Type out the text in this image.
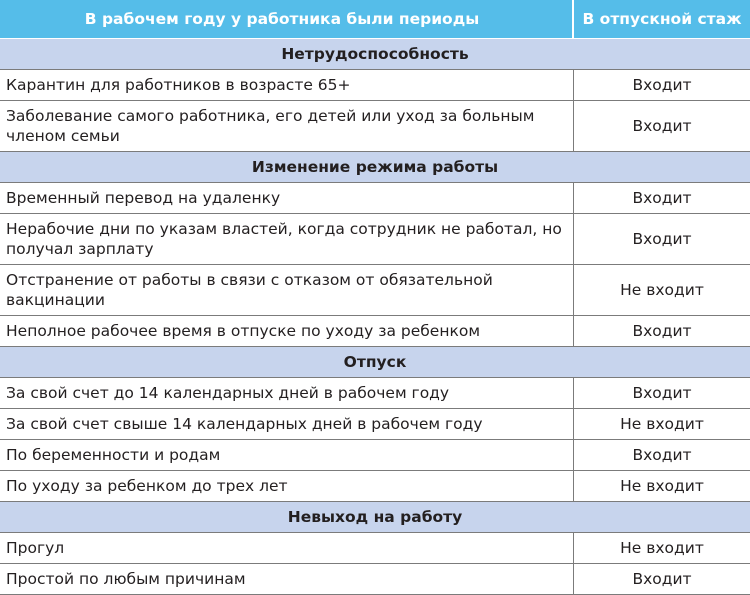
В рабочем году у работника были периоды	В отпускной стаж
Нетрудоспособность	
Карантин для работников в возрасте 65+	Входит
Заболевание самого работника, его детей или уход за больным членом семьи	Входит
Изменение режима работы	
Временный перевод на удаленку	Входит
Нерабочие дни по указам властей, когда сотрудник не работал, но получал зарплату	Входит
Отстранение от работы в связи с отказом от обязательной вакцинации	Не входит
Неполное рабочее время в отпуске по уходу за ребенком	Входит
Отпуск	
За свой счет до 14 календарных дней в рабочем году	Входит
За свой счет свыше 14 календарных дней в рабочем году	Не входит
По беременности и родам	Входит
По уходу за ребенком до трех лет	Не входит
Невыход на работу	
Прогул	Не входит
Простой по любым причинам	Входит
